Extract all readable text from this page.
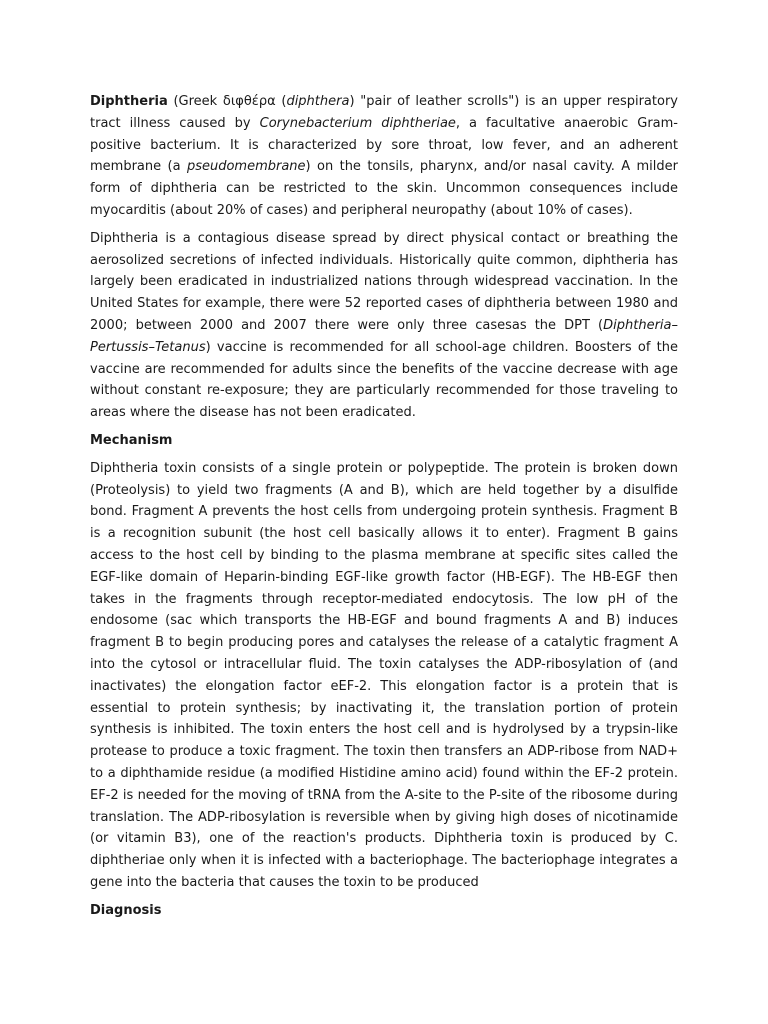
Diphtheria (Greek διφθέρα (diphthera) "pair of leather scrolls") is an upper respiratory tract illness caused by Corynebacterium diphtheriae, a facultative anaerobic Gram-positive bacterium. It is characterized by sore throat, low fever, and an adherent membrane (a pseudomembrane) on the tonsils, pharynx, and/or nasal cavity. A milder form of diphtheria can be restricted to the skin. Uncommon consequences include myocarditis (about 20% of cases) and peripheral neuropathy (about 10% of cases).

Diphtheria is a contagious disease spread by direct physical contact or breathing the aerosolized secretions of infected individuals. Historically quite common, diphtheria has largely been eradicated in industrialized nations through widespread vaccination. In the United States for example, there were 52 reported cases of diphtheria between 1980 and 2000; between 2000 and 2007 there were only three casesas the DPT (Diphtheria–Pertussis–Tetanus) vaccine is recommended for all school-age children. Boosters of the vaccine are recommended for adults since the benefits of the vaccine decrease with age without constant re-exposure; they are particularly recommended for those traveling to areas where the disease has not been eradicated.

Mechanism

Diphtheria toxin consists of a single protein or polypeptide. The protein is broken down (Proteolysis) to yield two fragments (A and B), which are held together by a disulfide bond. Fragment A prevents the host cells from undergoing protein synthesis. Fragment B is a recognition subunit (the host cell basically allows it to enter). Fragment B gains access to the host cell by binding to the plasma membrane at specific sites called the EGF-like domain of Heparin-binding EGF-like growth factor (HB-EGF). The HB-EGF then takes in the fragments through receptor-mediated endocytosis. The low pH of the endosome (sac which transports the HB-EGF and bound fragments A and B) induces fragment B to begin producing pores and catalyses the release of a catalytic fragment A into the cytosol or intracellular fluid. The toxin catalyses the ADP-ribosylation of (and inactivates) the elongation factor eEF-2. This elongation factor is a protein that is essential to protein synthesis; by inactivating it, the translation portion of protein synthesis is inhibited. The toxin enters the host cell and is hydrolysed by a trypsin-like protease to produce a toxic fragment. The toxin then transfers an ADP-ribose from NAD+ to a diphthamide residue (a modified Histidine amino acid) found within the EF-2 protein. EF-2 is needed for the moving of tRNA from the A-site to the P-site of the ribosome during translation. The ADP-ribosylation is reversible when by giving high doses of nicotinamide (or vitamin B3), one of the reaction's products. Diphtheria toxin is produced by C. diphtheriae only when it is infected with a bacteriophage. The bacteriophage integrates a gene into the bacteria that causes the toxin to be produced

Diagnosis
